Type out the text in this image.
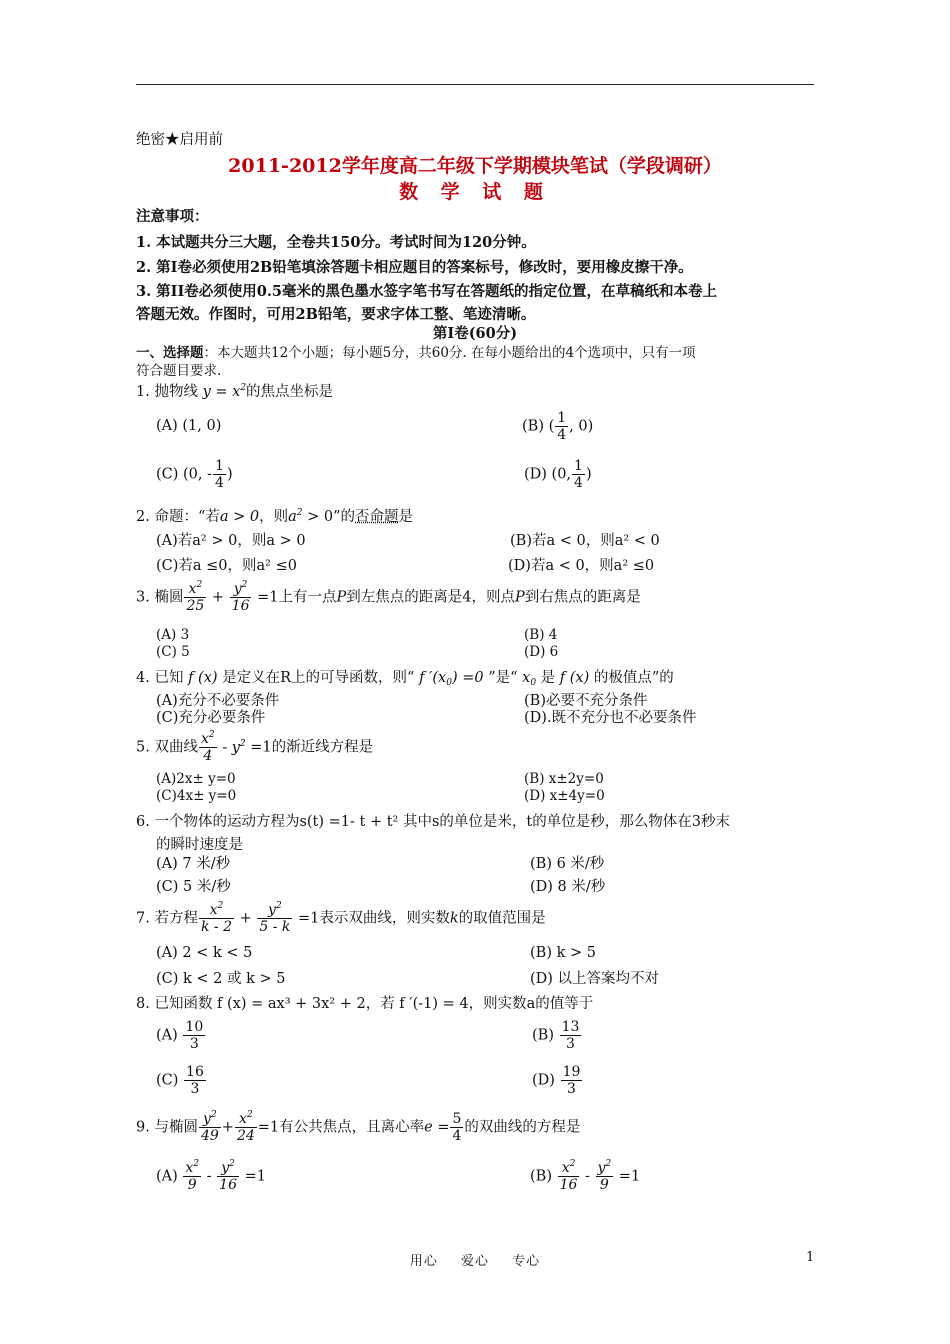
绝密★启用前
2011-2012学年度高二年级下学期模块笔试（学段调研）
数 学 试 题
注意事项：
1. 本试题共分三大题，全卷共150分。考试时间为120分钟。
2. 第I卷必须使用2B铅笔填涂答题卡相应题目的答案标号，修改时，要用橡皮擦干净。
3. 第II卷必须使用0.5毫米的黑色墨水签字笔书写在答题纸的指定位置，在草稿纸和本卷上
答题无效。作图时，可用2B铅笔，要求字体工整、笔迹清晰。
第I卷(60分)
一、选择题：本大题共12个小题；每小题5分，共60分. 在每小题给出的4个选项中，只有一项
符合题目要求.
1. 抛物线 $y = x^2$的焦点坐标是
(A) (1, 0)	(B) ( $\frac{1}{4}$ , 0)
(C) (0, - $\frac{1}{4}$ )	(D) (0, $\frac{1}{4}$ )
2. 命题：“若a > 0，则$a^2 > 0$”的否命题是
(A)若a² > 0，则a > 0	(B)若a < 0，则a² < 0
(C)若a ≤0，则a² ≤0	(D)若a < 0，则a² ≤0
3. 椭圆 $\frac{x^2}{25} + \frac{y^2}{16} =1$上有一点P到左焦点的距离是4，则点P到右焦点的距离是
(A) 3	(B) 4
(C) 5	(D) 6
4. 已知 f (x) 是定义在R上的可导函数，则“ f $'(x_0) =0$ ”是“ $x_0$ 是 f (x) 的极值点”的
(A)充分不必要条件	(B)必要不充分条件
(C)充分必要条件	(D).既不充分也不必要条件
5. 双曲线 $\frac{x^2}{4} - y^2 =1$的渐近线方程是
(A)2x± y=0	(B) x±2y=0
(C)4x± y=0	(D) x±4y=0
6. 一个物体的运动方程为s(t) =1- t + t² 其中s的单位是米，t的单位是秒，那么物体在3秒末
的瞬时速度是
(A) 7 米/秒	(B) 6 米/秒
(C) 5 米/秒	(D) 8 米/秒
7. 若方程 $\frac{x^2}{k - 2} + \frac{y^2}{5 - k} =1$表示双曲线，则实数k的取值范围是
(A) 2 < k < 5	(B) k > 5
(C) k < 2 或 k > 5	(D) 以上答案均不对
8. 已知函数 f (x) = ax³ + 3x² + 2，若 f ′(-1) = 4，则实数a的值等于
$(A) \frac{10}{3}$	$(B) \frac{13}{3}$
$(C) \frac{16}{3}$	$(D) \frac{19}{3}$
9. 与椭圆 $\frac{y^2}{49} + \frac{x^2}{24} =1$有公共焦点，且离心率$e = \frac{5}{4}$ 的双曲线的方程是
$(A) \frac{x^2}{9} - \frac{y^2}{16} =1$	$(B) \frac{x^2}{16} - \frac{y^2}{9} =1$
用心 爱心 专心	1
